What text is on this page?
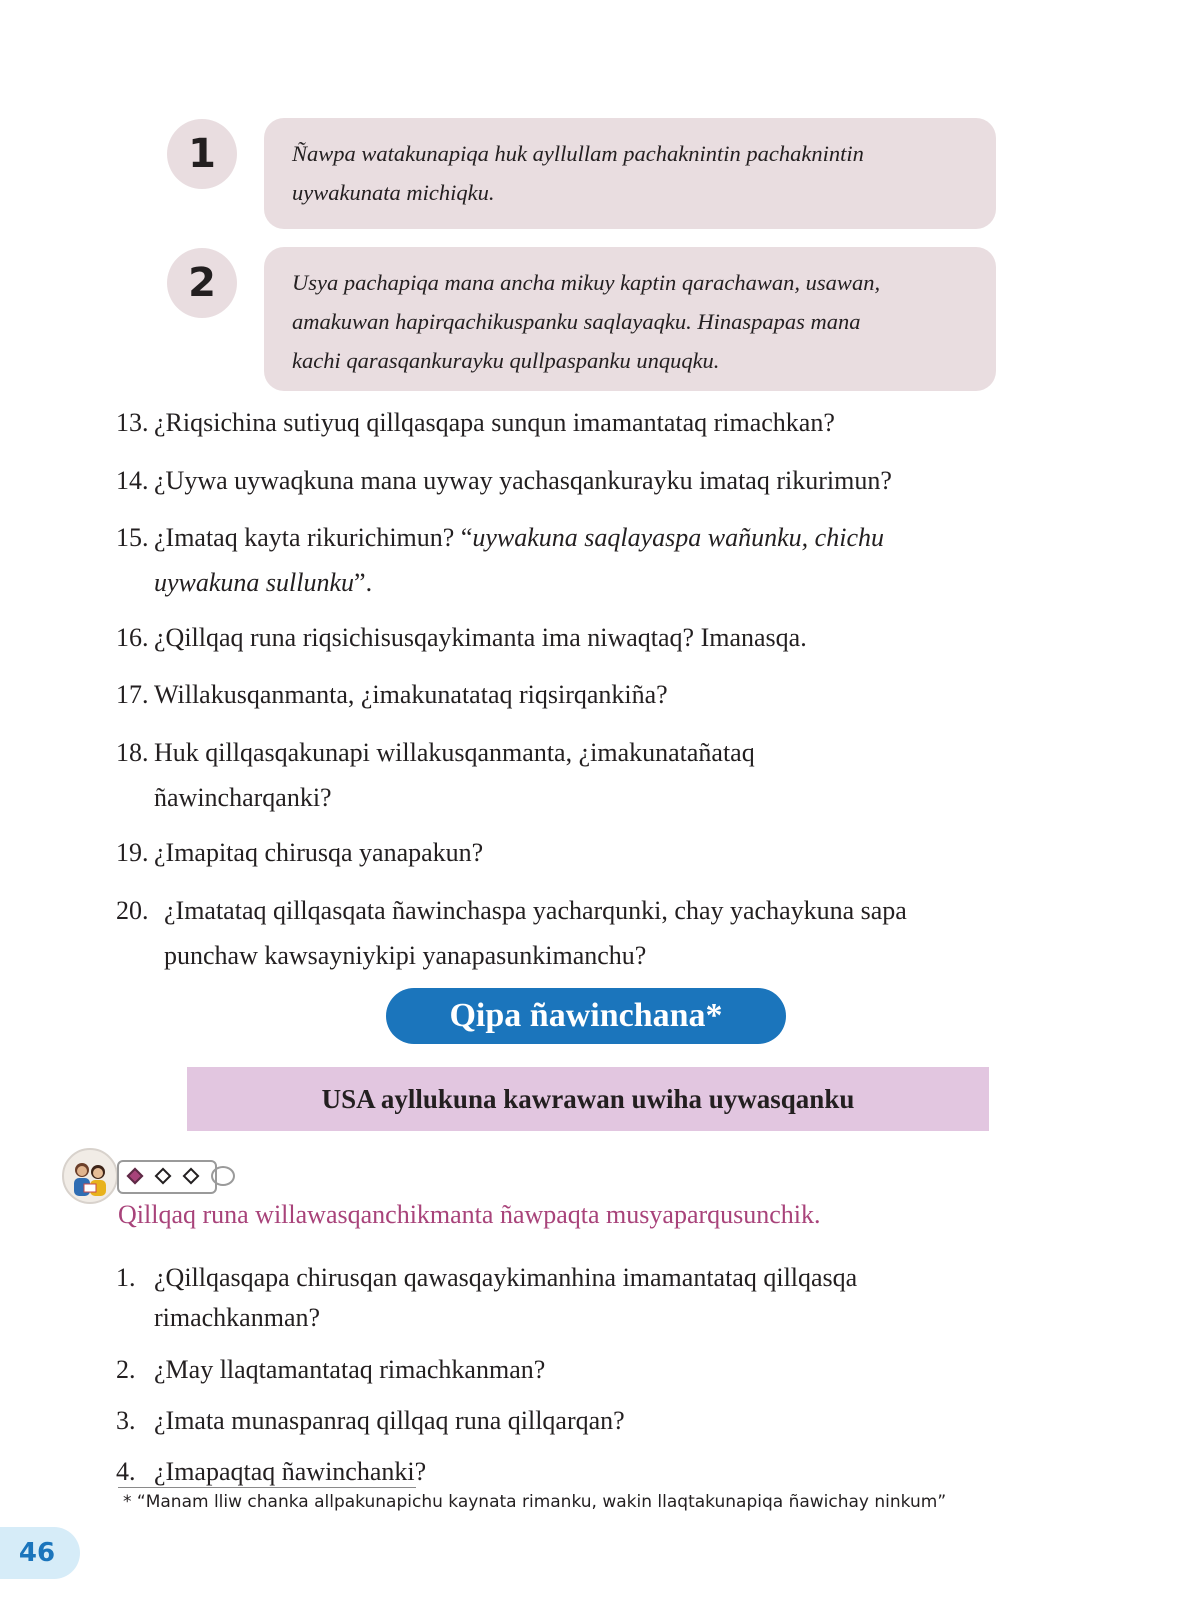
1	Ñawpa watakunapiqa huk ayllullam pachaknintin pachaknintin
uywakunata michiqku.
2	Usya pachapiqa mana ancha mikuy kaptin qarachawan, usawan,
amakuwan hapirqachikuspanku saqlayaqku. Hinaspapas mana
kachi qarasqankurayku qullpaspanku unquqku.
13. ¿Riqsichina sutiyuq qillqasqapa sunqun imamantataq rimachkan?
14. ¿Uywa uywaqkuna mana uyway yachasqankurayku imataq rikurimun?
15. ¿Imataq kayta rikurichimun? “uywakuna saqlayaspa wañunku, chichu
uywakuna sullunku”.
16. ¿Qillqaq runa riqsichisusqaykimanta ima niwaqtaq? Imanasqa.
17. Willakusqanmanta, ¿imakunatataq riqsirqankiña?
18. Huk qillqasqakunapi willakusqanmanta, ¿imakunatañataq
ñawincharqanki?
19. ¿Imapitaq chirusqa yanapakun?
20. ¿Imatataq qillqasqata ñawinchaspa yacharqunki, chay yachaykuna sapa
punchaw kawsayniykipi yanapasunkimanchu?
Qipa ñawinchana*
USA ayllukuna kawrawan uwiha uywasqanku
Qillqaq runa willawasqanchikmanta ñawpaqta musyaparqusunchik.
1. ¿Qillqasqapa chirusqan qawasqaykimanhina imamantataq qillqasqa
rimachkanman?
2. ¿May llaqtamantataq rimachkanman?
3. ¿Imata munaspanraq qillqaq runa qillqarqan?
4. ¿Imapaqtaq ñawinchanki?
* “Manam lliw chanka allpakunapichu kaynata rimanku, wakin llaqtakunapiqa ñawichay ninkum”
46
